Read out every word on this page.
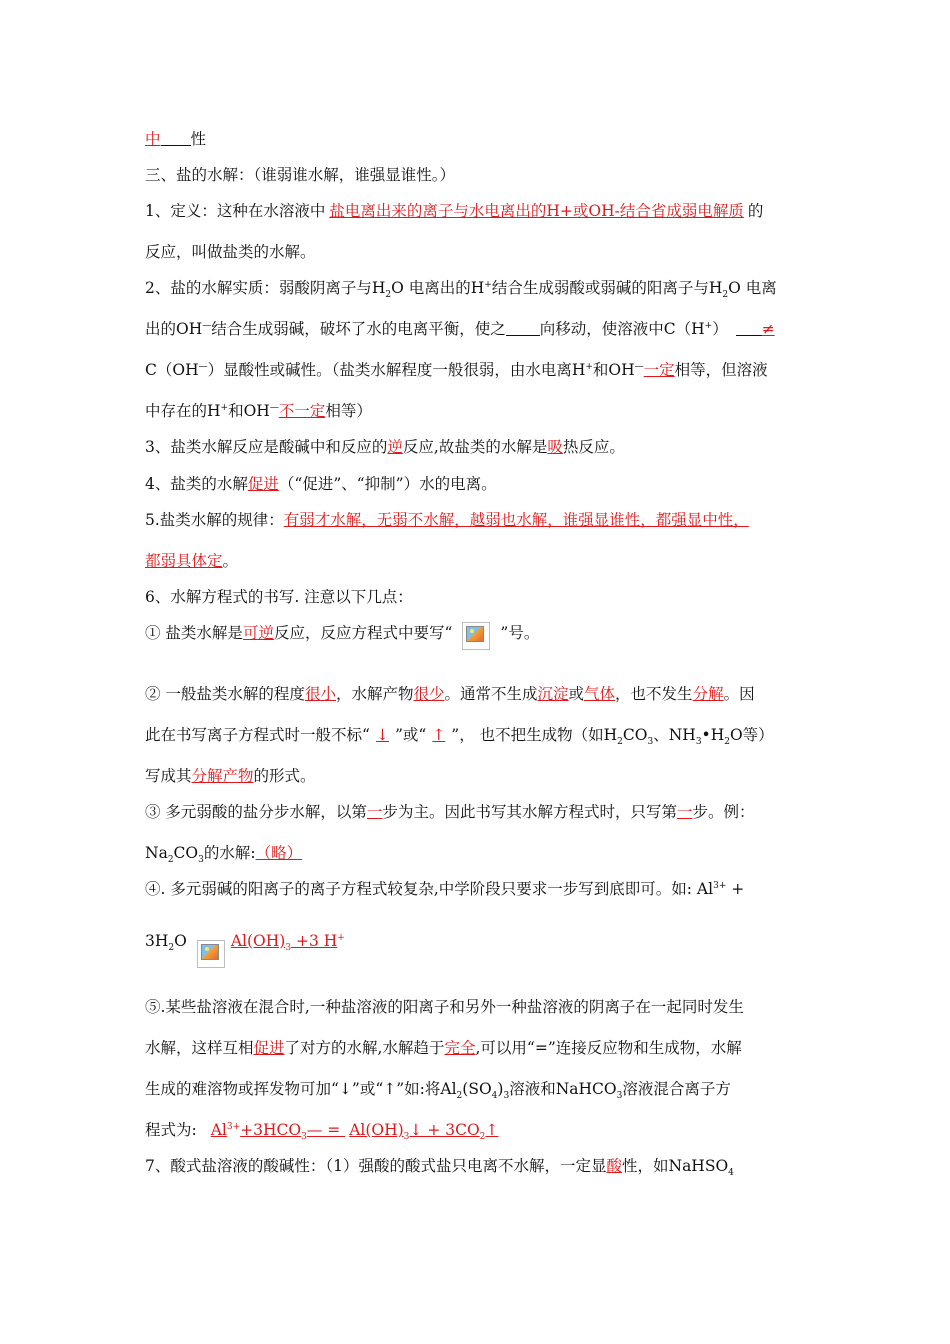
中 性
三、盐的水解：（谁弱谁水解，谁强显谁性。）
1、定义：这种在水溶液中 盐电离出来的离子与水电离出的H+或OH-结合省成弱电解质 的
反应，叫做盐类的水解。
2、盐的水解实质：弱酸阴离子与$H_2O$ 电离出的H+结合生成弱酸或弱碱的阳离子与$H_2O$ 电离
出的OH—结合生成弱碱，破坏了水的电离平衡，使之 向移动，使溶液中C（H+） ≠
C（OH—）显酸性或碱性。（盐类水解程度一般很弱，由水电离H+和OH—一定相等，但溶液
中存在的H+和OH—不一定相等）
3、盐类水解反应是酸碱中和反应的逆反应,故盐类的水解是吸热反应。
4、盐类的水解促进（“促进”、“抑制”）水的电离。
5.盐类水解的规律：有弱才水解，无弱不水解，越弱也水解，谁强显谁性，都强显中性，
都弱具体定。
6、水解方程式的书写. 注意以下几点：
① 盐类水解是可逆反应，反应方程式中要写“	”号。
② 一般盐类水解的程度很小，水解产物很少。通常不生成沉淀或气体，也不发生分解。因
此在书写离子方程式时一般不标“ ↓ ”或“ ↑ ”， 也不把生成物（如$H_2CO_3$、$NH_3•H_2O$等）
写成其分解产物的形式。
③ 多元弱酸的盐分步水解，以第一步为主。因此书写其水解方程式时，只写第一步。例：
$Na_2CO_3$的水解:（略）
④. 多元弱碱的阳离子的离子方程式较复杂,中学阶段只要求一步写到底即可。如: $Al^{3+}$ +
$3H_2O$	$Al(OH)_3 +3$ H+
⑤.某些盐溶液在混合时,一种盐溶液的阳离子和另外一种盐溶液的阴离子在一起同时发生
水解，这样互相促进了对方的水解,水解趋于完全,可以用“=”连接反应物和生成物，水解
生成的难溶物或挥发物可加“↓”或“↑”如:将$Al_2(SO_4)_3$溶液和NaHCO$_3$溶液混合离子方
程式为: $Al^{3+}+3HCO_3—$ = $Al(OH)_3↓$ + $3CO_2↑$
7、酸式盐溶液的酸碱性：（1）强酸的酸式盐只电离不水解，一定显酸性，如NaHSO$_4$
